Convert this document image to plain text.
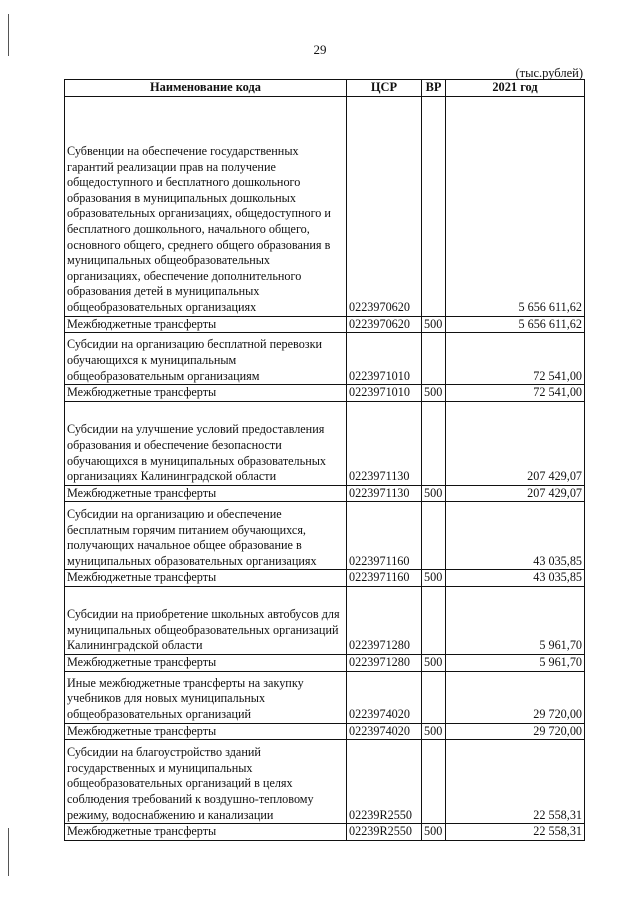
29
(тыс.рублей)
Наименование кода	ЦСР	ВР	2021 год
Субвенции на обеспечение государственных гарантий реализации прав на получение общедоступного и бесплатного дошкольного образования в муниципальных дошкольных образовательных организациях, общедоступного и бесплатного дошкольного, начального общего, основного общего, среднего общего образования в муниципальных общеобразовательных организациях, обеспечение дополнительного образования детей в муниципальных общеобразовательных организациях	0223970620		5 656 611,62
Межбюджетные трансферты	0223970620	500	5 656 611,62
Субсидии на организацию бесплатной перевозки обучающихся к муниципальным общеобразовательным организациям	0223971010		72 541,00
Межбюджетные трансферты	0223971010	500	72 541,00
Субсидии на улучшение условий предоставления образования и обеспечение безопасности обучающихся в муниципальных образовательных организациях Калининградской области	0223971130		207 429,07
Межбюджетные трансферты	0223971130	500	207 429,07
Субсидии на организацию и обеспечение бесплатным горячим питанием обучающихся, получающих начальное общее образование в муниципальных образовательных организациях	0223971160		43 035,85
Межбюджетные трансферты	0223971160	500	43 035,85
Субсидии на приобретение школьных автобусов для муниципальных общеобразовательных организаций Калининградской области	0223971280		5 961,70
Межбюджетные трансферты	0223971280	500	5 961,70
Иные межбюджетные трансферты на закупку учебников для новых муниципальных общеобразовательных организаций	0223974020		29 720,00
Межбюджетные трансферты	0223974020	500	29 720,00
Субсидии на благоустройство зданий государственных и муниципальных общеобразовательных организаций в целях соблюдения требований к воздушно-тепловому режиму, водоснабжению и канализации	02239R2550		22 558,31
Межбюджетные трансферты	02239R2550	500	22 558,31
